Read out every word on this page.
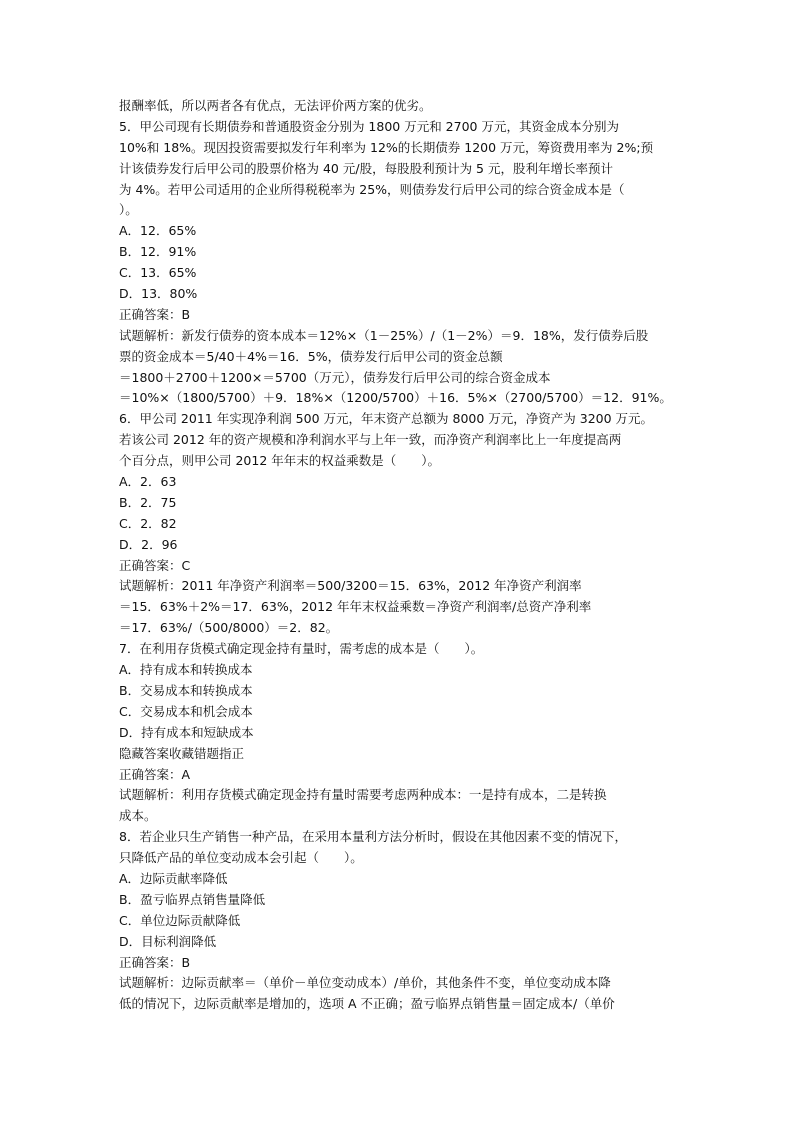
报酬率低，所以两者各有优点，无法评价两方案的优劣。
5．甲公司现有长期债券和普通股资金分别为 1800 万元和 2700 万元，其资金成本分别为
10%和 18%。现因投资需要拟发行年利率为 12%的长期债券 1200 万元，筹资费用率为 2%;预
计该债券发行后甲公司的股票价格为 40 元/股，每股股利预计为 5 元，股利年增长率预计
为 4%。若甲公司适用的企业所得税税率为 25%，则债券发行后甲公司的综合资金成本是（
）。
A．12．65%
B．12．91%
C．13．65%
D．13．80%
正确答案：B
试题解析：新发行债券的资本成本＝12%×（1－25%）/（1－2%）＝9．18%，发行债券后股
票的资金成本＝5/40＋4%＝16．5%，债券发行后甲公司的资金总额
＝1800＋2700＋1200×＝5700（万元），债券发行后甲公司的综合资金成本
＝10%×（1800/5700）＋9．18%×（1200/5700）＋16．5%×（2700/5700）＝12．91%。
6．甲公司 2011 年实现净利润 500 万元，年末资产总额为 8000 万元，净资产为 3200 万元。
若该公司 2012 年的资产规模和净利润水平与上年一致，而净资产利润率比上一年度提高两
个百分点，则甲公司 2012 年年末的权益乘数是（　　）。
A．2．63
B．2．75
C．2．82
D．2．96
正确答案：C
试题解析：2011 年净资产利润率＝500/3200＝15．63%，2012 年净资产利润率
＝15．63%＋2%＝17．63%，2012 年年末权益乘数＝净资产利润率/总资产净利率
＝17．63%/（500/8000）＝2．82。
7．在利用存货模式确定现金持有量时，需考虑的成本是（　　）。
A．持有成本和转换成本
B．交易成本和转换成本
C．交易成本和机会成本
D．持有成本和短缺成本
隐藏答案收藏错题指正
正确答案：A
试题解析：利用存货模式确定现金持有量时需要考虑两种成本：一是持有成本，二是转换
成本。
8．若企业只生产销售一种产品，在采用本量利方法分析时，假设在其他因素不变的情况下，
只降低产品的单位变动成本会引起（　　）。
A．边际贡献率降低
B．盈亏临界点销售量降低
C．单位边际贡献降低
D．目标利润降低
正确答案：B
试题解析：边际贡献率＝（单价－单位变动成本）/单价，其他条件不变，单位变动成本降
低的情况下，边际贡献率是增加的，选项 A 不正确；盈亏临界点销售量＝固定成本/（单价
